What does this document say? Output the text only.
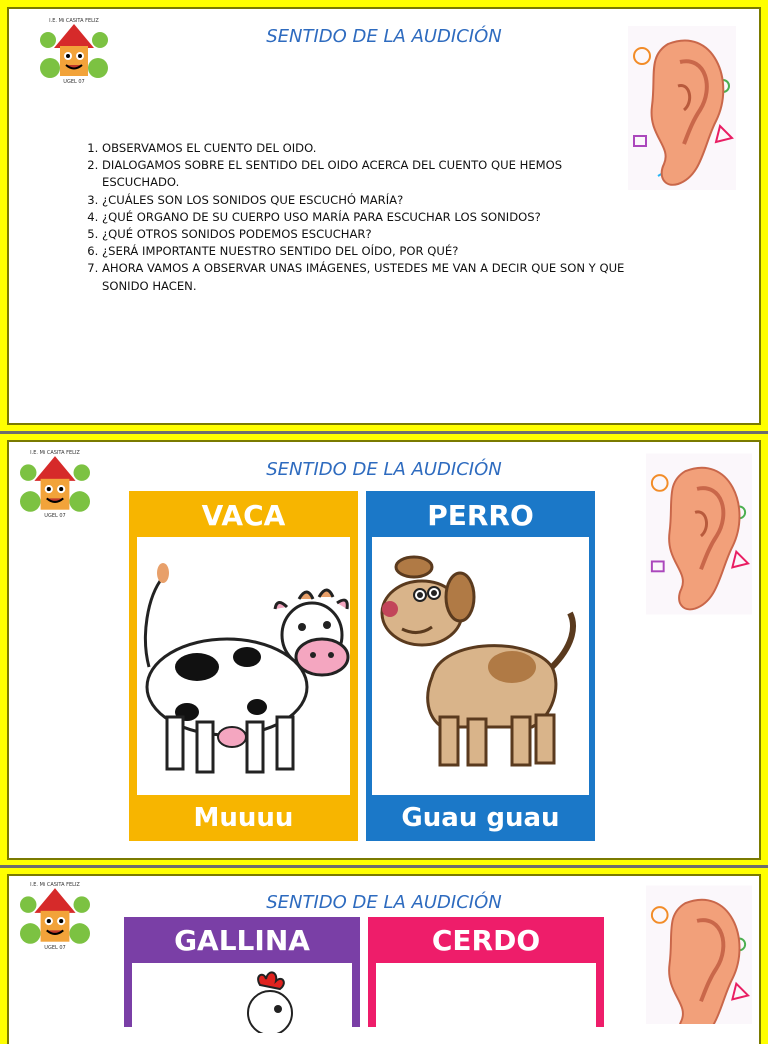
SENTIDO DE LA AUDICIÓN
I.E. Mi CASITA FELIZ
UGEL 07
1. OBSERVAMOS EL CUENTO DEL OIDO.
2. DIALOGAMOS SOBRE EL SENTIDO DEL OIDO ACERCA DEL CUENTO QUE HEMOS ESCUCHADO.
3. ¿CUÁLES SON LOS SONIDOS QUE ESCUCHÓ MARÍA?
4. ¿QUÉ ORGANO DE SU CUERPO USO MARÍA PARA ESCUCHAR LOS SONIDOS?
5. ¿QUÉ OTROS SONIDOS PODEMOS ESCUCHAR?
6. ¿SERÁ IMPORTANTE NUESTRO SENTIDO DEL OÍDO, POR QUÉ?
7. AHORA VAMOS A OBSERVAR UNAS IMÁGENES, USTEDES ME VAN A DECIR QUE SON Y QUE SONIDO HACEN.
SENTIDO DE LA AUDICIÓN
I.E. Mi CASITA FELIZ
UGEL 07	VACA
Muuuu
PERRO
Guau guau
SENTIDO DE LA AUDICIÓN
I.E. Mi CASITA FELIZ
UGEL 07	GALLINA	CERDO
